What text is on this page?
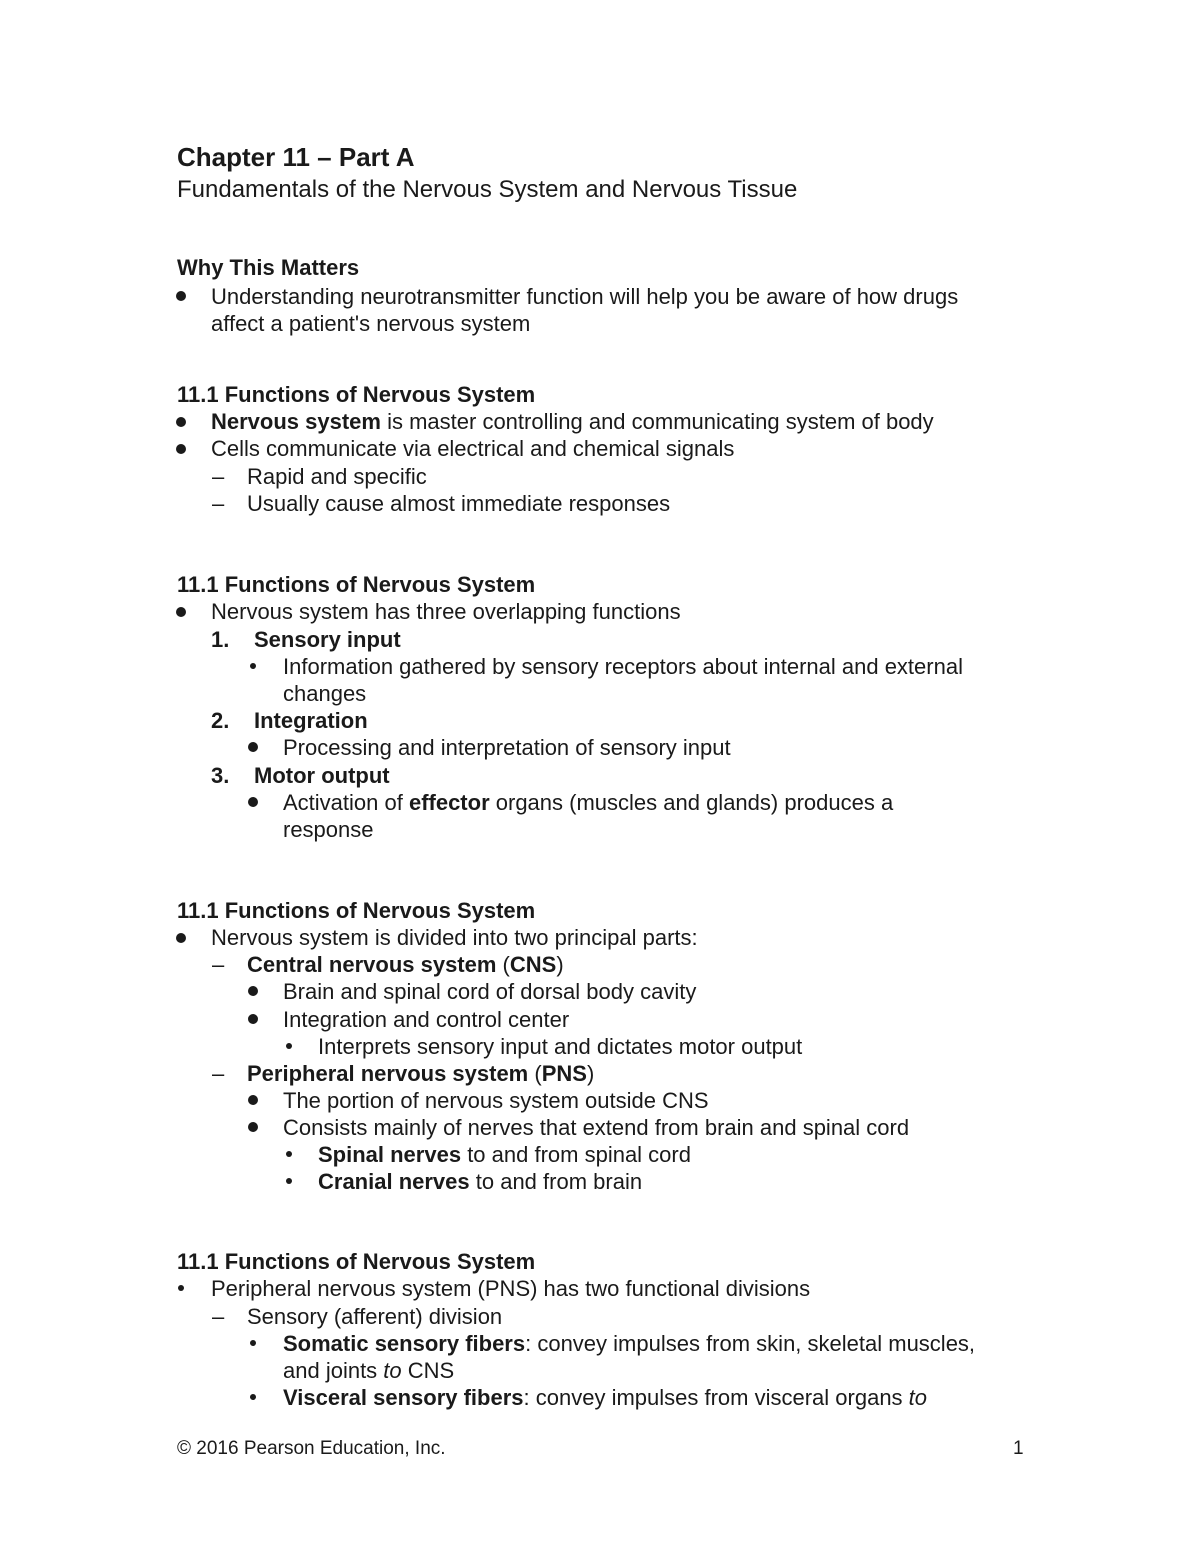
Chapter 11 – Part A
Fundamentals of the Nervous System and Nervous Tissue
Why This Matters
Understanding neurotransmitter function will help you be aware of how drugs
affect a patient's nervous system
11.1 Functions of Nervous System
Nervous system is master controlling and communicating system of body
Cells communicate via electrical and chemical signals
– Rapid and specific
– Usually cause almost immediate responses
11.1 Functions of Nervous System
Nervous system has three overlapping functions
1. Sensory input
Information gathered by sensory receptors about internal and external
changes
2. Integration
Processing and interpretation of sensory input
3. Motor output
Activation of effector organs (muscles and glands) produces a
response
11.1 Functions of Nervous System
Nervous system is divided into two principal parts:
– Central nervous system (CNS)
Brain and spinal cord of dorsal body cavity
Integration and control center
Interprets sensory input and dictates motor output
– Peripheral nervous system (PNS)
The portion of nervous system outside CNS
Consists mainly of nerves that extend from brain and spinal cord
Spinal nerves to and from spinal cord
Cranial nerves to and from brain
11.1 Functions of Nervous System
Peripheral nervous system (PNS) has two functional divisions
– Sensory (afferent) division
Somatic sensory fibers: convey impulses from skin, skeletal muscles,
and joints to CNS
Visceral sensory fibers: convey impulses from visceral organs to
© 2016 Pearson Education, Inc.	1
